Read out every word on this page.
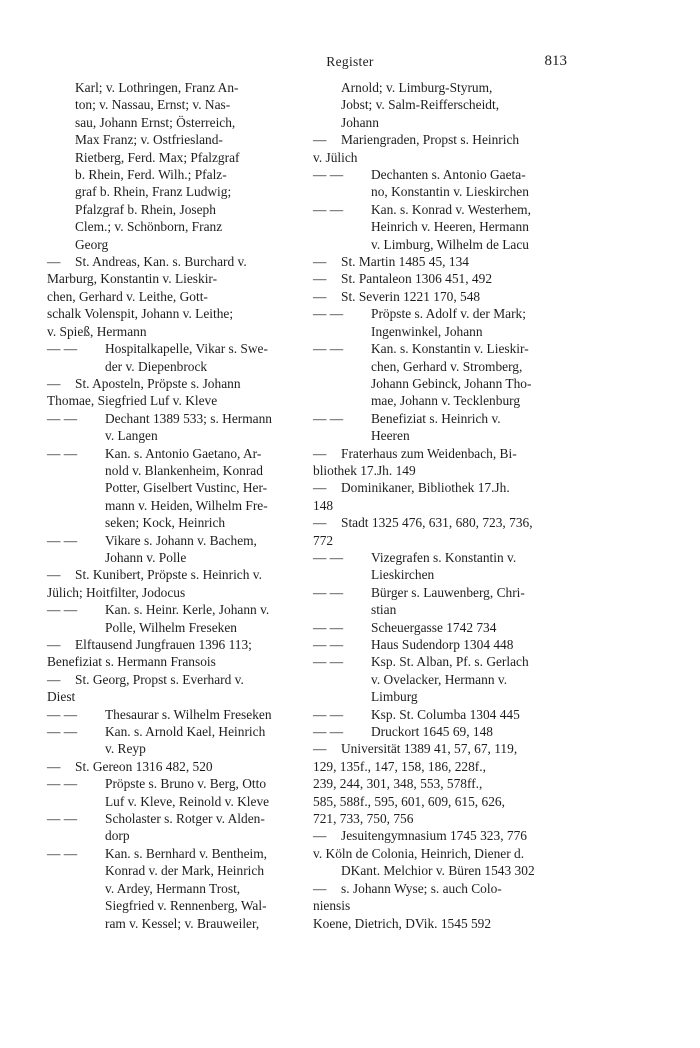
Register	813
Karl; v. Lothringen, Franz An-
ton; v. Nassau, Ernst; v. Nas-
sau, Johann Ernst; Österreich,
Max Franz; v. Ostfriesland-
Rietberg, Ferd. Max; Pfalzgraf
b. Rhein, Ferd. Wilh.; Pfalz-
graf b. Rhein, Franz Ludwig;
Pfalzgraf b. Rhein, Joseph
Clem.; v. Schönborn, Franz
Georg
—	St. Andreas, Kan. s. Burchard v.
Marburg, Konstantin v. Lieskir-
chen, Gerhard v. Leithe, Gott-
schalk Volenspit, Johann v. Leithe;
v. Spieß, Hermann
— —	Hospitalkapelle, Vikar s. Swe-
der v. Diepenbrock
—	St. Aposteln, Pröpste s. Johann
Thomae, Siegfried Luf v. Kleve
— —	Dechant 1389 533; s. Hermann
v. Langen
— —	Kan. s. Antonio Gaetano, Ar-
nold v. Blankenheim, Konrad
Potter, Giselbert Vustinc, Her-
mann v. Heiden, Wilhelm Fre-
seken; Kock, Heinrich
— —	Vikare s. Johann v. Bachem,
Johann v. Polle
—	St. Kunibert, Pröpste s. Heinrich v.
Jülich; Hoitfilter, Jodocus
— —	Kan. s. Heinr. Kerle, Johann v.
Polle, Wilhelm Freseken
—	Elftausend Jungfrauen 1396 113;
Benefiziat s. Hermann Fransois
—	St. Georg, Propst s. Everhard v.
Diest
— —	Thesaurar s. Wilhelm Freseken
— —	Kan. s. Arnold Kael, Heinrich
v. Reyp
—	St. Gereon 1316 482, 520
— —	Pröpste s. Bruno v. Berg, Otto
Luf v. Kleve, Reinold v. Kleve
— —	Scholaster s. Rotger v. Alden-
dorp
— —	Kan. s. Bernhard v. Bentheim,
Konrad v. der Mark, Heinrich
v. Ardey, Hermann Trost,
Siegfried v. Rennenberg, Wal-
ram v. Kessel; v. Brauweiler,
Arnold; v. Limburg-Styrum,
Jobst; v. Salm-Reifferscheidt,
Johann
—	Mariengraden, Propst s. Heinrich
v. Jülich
— —	Dechanten s. Antonio Gaeta-
no, Konstantin v. Lieskirchen
— —	Kan. s. Konrad v. Westerhem,
Heinrich v. Heeren, Hermann
v. Limburg, Wilhelm de Lacu
—	St. Martin 1485 45, 134
—	St. Pantaleon 1306 451, 492
—	St. Severin 1221 170, 548
— —	Pröpste s. Adolf v. der Mark;
Ingenwinkel, Johann
— —	Kan. s. Konstantin v. Lieskir-
chen, Gerhard v. Stromberg,
Johann Gebinck, Johann Tho-
mae, Johann v. Tecklenburg
— —	Benefiziat s. Heinrich v.
Heeren
—	Fraterhaus zum Weidenbach, Bi-
bliothek 17.Jh. 149
—	Dominikaner, Bibliothek 17.Jh.
148
—	Stadt 1325 476, 631, 680, 723, 736,
772
— —	Vizegrafen s. Konstantin v.
Lieskirchen
— —	Bürger s. Lauwenberg, Chri-
stian
— —	Scheuergasse 1742 734
— —	Haus Sudendorp 1304 448
— —	Ksp. St. Alban, Pf. s. Gerlach
v. Ovelacker, Hermann v.
Limburg
— —	Ksp. St. Columba 1304 445
— —	Druckort 1645 69, 148
—	Universität 1389 41, 57, 67, 119,
129, 135f., 147, 158, 186, 228f.,
239, 244, 301, 348, 553, 578ff.,
585, 588f., 595, 601, 609, 615, 626,
721, 733, 750, 756
—	Jesuitengymnasium 1745 323, 776
v. Köln de Colonia, Heinrich, Diener d.
DKant. Melchior v. Büren 1543 302
—	s. Johann Wyse; s. auch Colo-
niensis
Koene, Dietrich, DVik. 1545 592
